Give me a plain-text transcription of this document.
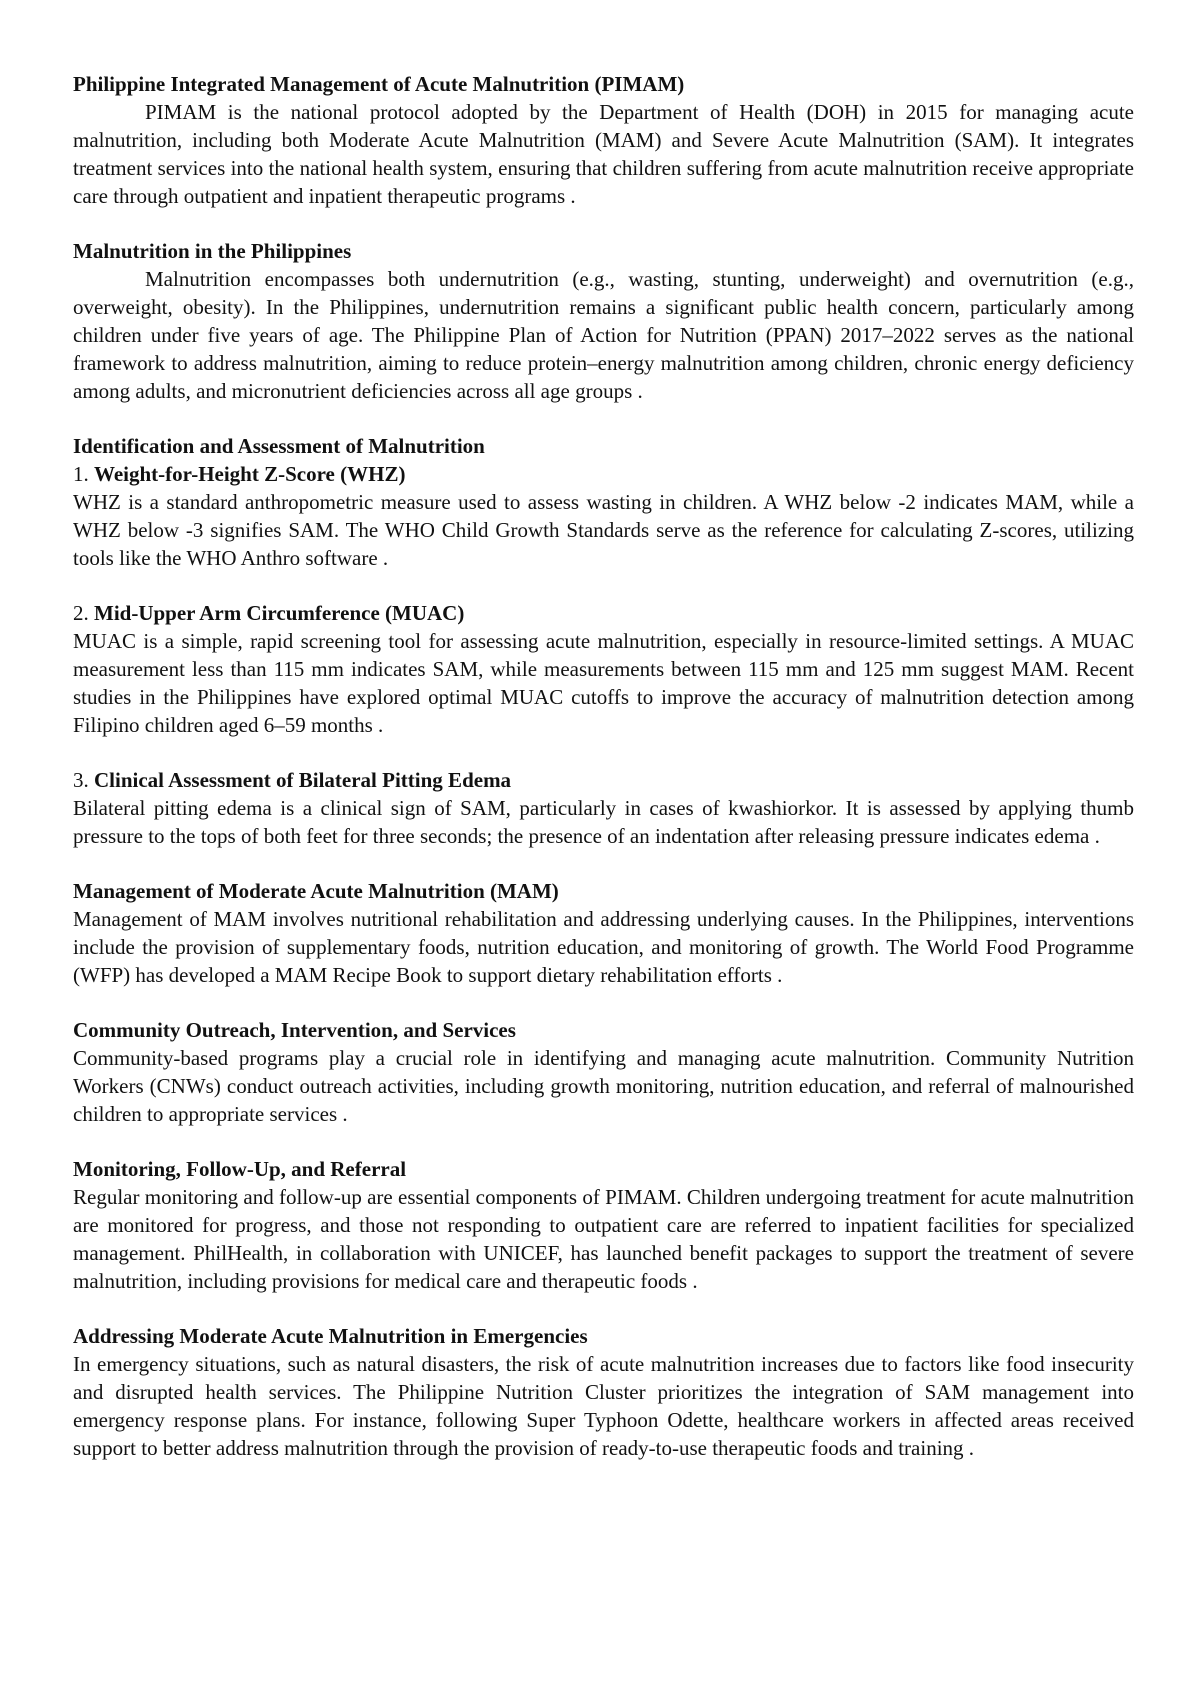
Philippine Integrated Management of Acute Malnutrition (PIMAM)

PIMAM is the national protocol adopted by the Department of Health (DOH) in 2015 for managing acute malnutrition, including both Moderate Acute Malnutrition (MAM) and Severe Acute Malnutrition (SAM). It integrates treatment services into the national health system, ensuring that children suffering from acute malnutrition receive appropriate care through outpatient and inpatient therapeutic programs .

Malnutrition in the Philippines

Malnutrition encompasses both undernutrition (e.g., wasting, stunting, underweight) and overnutrition (e.g., overweight, obesity). In the Philippines, undernutrition remains a significant public health concern, particularly among children under five years of age. The Philippine Plan of Action for Nutrition (PPAN) 2017–2022 serves as the national framework to address malnutrition, aiming to reduce protein–energy malnutrition among children, chronic energy deficiency among adults, and micronutrient deficiencies across all age groups .

Identification and Assessment of Malnutrition

1. Weight-for-Height Z-Score (WHZ)

WHZ is a standard anthropometric measure used to assess wasting in children. A WHZ below -2 indicates MAM, while a WHZ below -3 signifies SAM. The WHO Child Growth Standards serve as the reference for calculating Z-scores, utilizing tools like the WHO Anthro software .

2. Mid-Upper Arm Circumference (MUAC)

MUAC is a simple, rapid screening tool for assessing acute malnutrition, especially in resource-limited settings. A MUAC measurement less than 115 mm indicates SAM, while measurements between 115 mm and 125 mm suggest MAM. Recent studies in the Philippines have explored optimal MUAC cutoffs to improve the accuracy of malnutrition detection among Filipino children aged 6–59 months .

3. Clinical Assessment of Bilateral Pitting Edema

Bilateral pitting edema is a clinical sign of SAM, particularly in cases of kwashiorkor. It is assessed by applying thumb pressure to the tops of both feet for three seconds; the presence of an indentation after releasing pressure indicates edema .

Management of Moderate Acute Malnutrition (MAM)

Management of MAM involves nutritional rehabilitation and addressing underlying causes. In the Philippines, interventions include the provision of supplementary foods, nutrition education, and monitoring of growth. The World Food Programme (WFP) has developed a MAM Recipe Book to support dietary rehabilitation efforts .

Community Outreach, Intervention, and Services

Community-based programs play a crucial role in identifying and managing acute malnutrition. Community Nutrition Workers (CNWs) conduct outreach activities, including growth monitoring, nutrition education, and referral of malnourished children to appropriate services .

Monitoring, Follow-Up, and Referral

Regular monitoring and follow-up are essential components of PIMAM. Children undergoing treatment for acute malnutrition are monitored for progress, and those not responding to outpatient care are referred to inpatient facilities for specialized management. PhilHealth, in collaboration with UNICEF, has launched benefit packages to support the treatment of severe malnutrition, including provisions for medical care and therapeutic foods .

Addressing Moderate Acute Malnutrition in Emergencies

In emergency situations, such as natural disasters, the risk of acute malnutrition increases due to factors like food insecurity and disrupted health services. The Philippine Nutrition Cluster prioritizes the integration of SAM management into emergency response plans. For instance, following Super Typhoon Odette, healthcare workers in affected areas received support to better address malnutrition through the provision of ready-to-use therapeutic foods and training .
